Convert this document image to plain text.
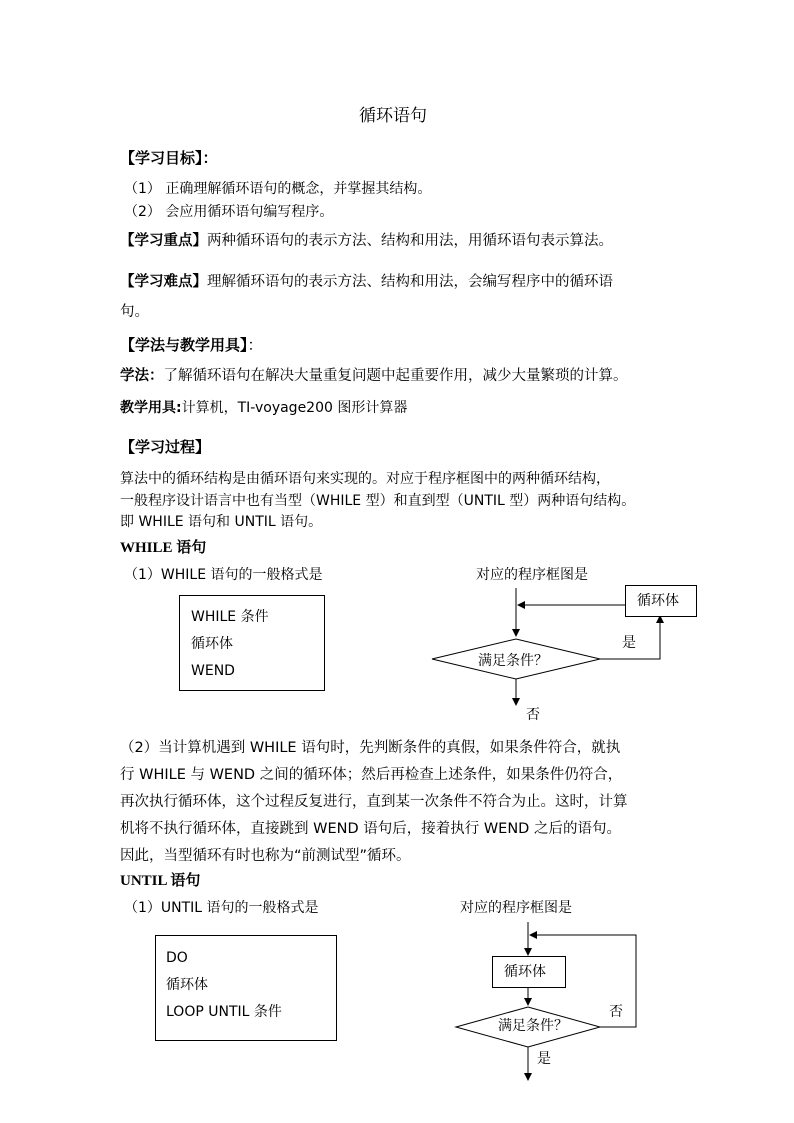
循环语句
【学习目标】：
（1） 正确理解循环语句的概念，并掌握其结构。
（2） 会应用循环语句编写程序。
【学习重点】两种循环语句的表示方法、结构和用法，用循环语句表示算法。
【学习难点】理解循环语句的表示方法、结构和用法，会编写程序中的循环语
句。
【学法与教学用具】：
学法：了解循环语句在解决大量重复问题中起重要作用，减少大量繁琐的计算。
教学用具:计算机，TI-voyage200 图形计算器
【学习过程】
算法中的循环结构是由循环语句来实现的。对应于程序框图中的两种循环结构，
一般程序设计语言中也有当型（WHILE 型）和直到型（UNTIL 型）两种语句结构。
即 WHILE 语句和 UNTIL 语句。
WHILE 语句
（1）WHILE 语句的一般格式是	对应的程序框图是
WHILE 条件
循环体
WEND
循环体
满足条件？
是
否
（2）当计算机遇到 WHILE 语句时，先判断条件的真假，如果条件符合，就执
行 WHILE 与 WEND 之间的循环体；然后再检查上述条件，如果条件仍符合，
再次执行循环体，这个过程反复进行，直到某一次条件不符合为止。这时，计算
机将不执行循环体，直接跳到 WEND 语句后，接着执行 WEND 之后的语句。
因此，当型循环有时也称为“前测试型”循环。
UNTIL 语句
（1）UNTIL 语句的一般格式是	对应的程序框图是
DO
循环体
LOOP UNTIL 条件
循环体
满足条件？
否
是
